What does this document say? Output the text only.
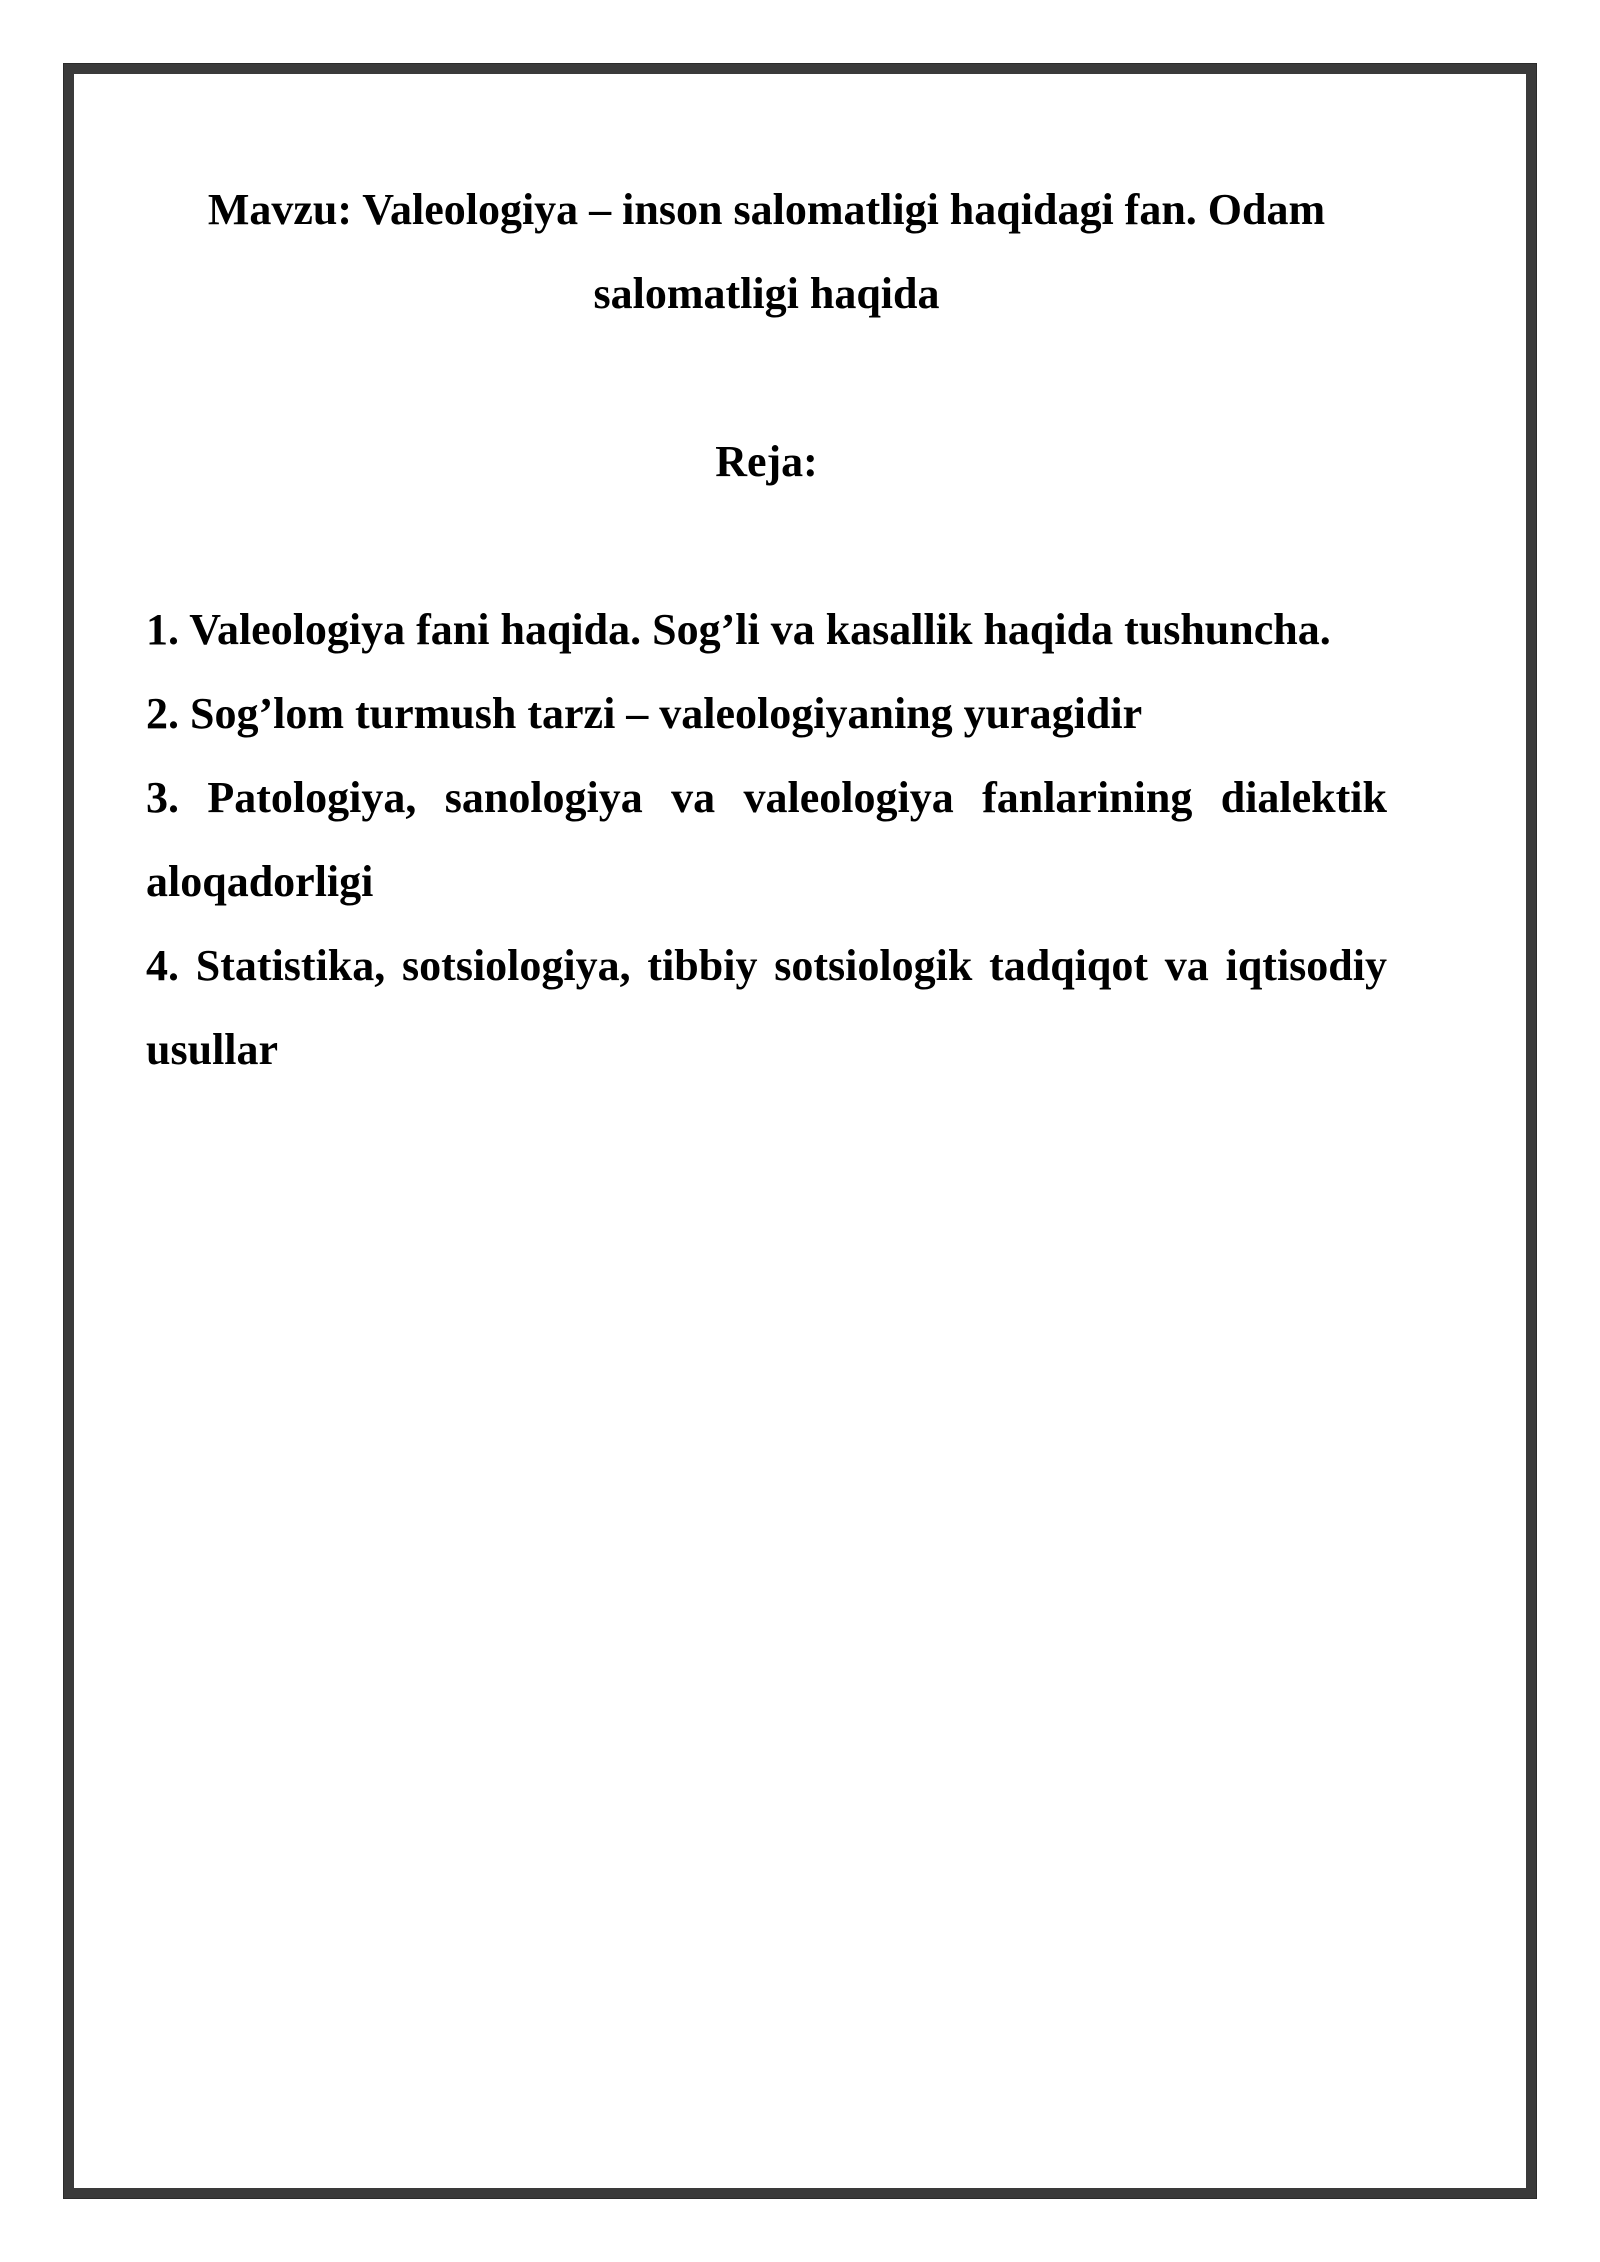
Mavzu: Valeologiya – inson salomatligi haqidagi fan. Odam salomatligi haqida
Reja:
1. Valeologiya fani haqida. Sog’li va kasallik haqida tushuncha.
2. Sog’lom turmush tarzi – valeologiyaning yuragidir
3. Patologiya, sanologiya va valeologiya fanlarining dialektik aloqadorligi
4. Statistika, sotsiologiya, tibbiy sotsiologik tadqiqot va iqtisodiy usullar
